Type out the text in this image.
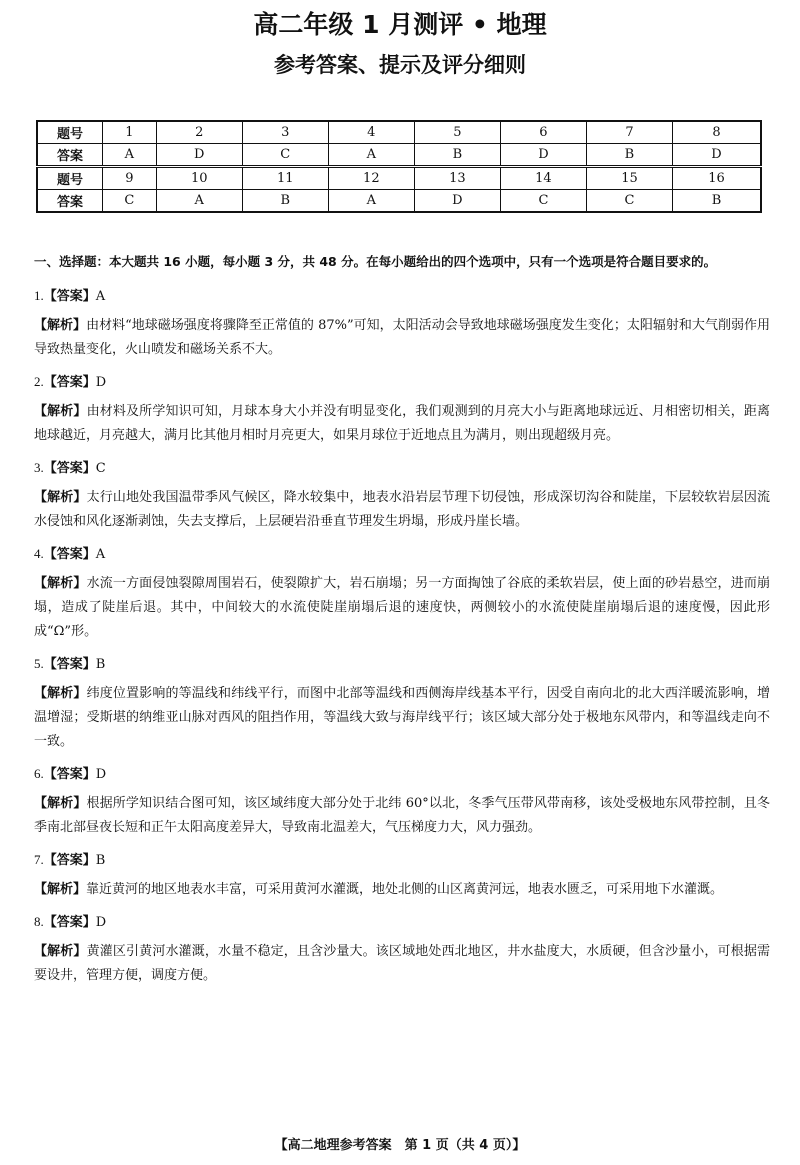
高二年级 1 月测评 • 地理
参考答案、提示及评分细则
题号	1	2	3	4	5	6	7	8
答案	A	D	C	A	B	D	B	D
题号	9	10	11	12	13	14	15	16
答案	C	A	B	A	D	C	C	B
一、选择题：本大题共 16 小题，每小题 3 分，共 48 分。在每小题给出的四个选项中，只有一个选项是符合题目要求的。

1.【答案】A

【解析】由材料“地球磁场强度将骤降至正常值的 87%”可知，太阳活动会导致地球磁场强度发生变化；太阳辐射和大气削弱作用导致热量变化，火山喷发和磁场关系不大。

2.【答案】D

【解析】由材料及所学知识可知，月球本身大小并没有明显变化，我们观测到的月亮大小与距离地球远近、月相密切相关，距离地球越近，月亮越大，满月比其他月相时月亮更大，如果月球位于近地点且为满月，则出现超级月亮。

3.【答案】C

【解析】太行山地处我国温带季风气候区，降水较集中，地表水沿岩层节理下切侵蚀，形成深切沟谷和陡崖，下层较软岩层因流水侵蚀和风化逐渐剥蚀，失去支撑后，上层硬岩沿垂直节理发生坍塌，形成丹崖长墙。

4.【答案】A

【解析】水流一方面侵蚀裂隙周围岩石，使裂隙扩大，岩石崩塌；另一方面掏蚀了谷底的柔软岩层，使上面的砂岩悬空，进而崩塌，造成了陡崖后退。其中，中间较大的水流使陡崖崩塌后退的速度快，两侧较小的水流使陡崖崩塌后退的速度慢，因此形成“Ω”形。

5.【答案】B

【解析】纬度位置影响的等温线和纬线平行，而图中北部等温线和西侧海岸线基本平行，因受自南向北的北大西洋暖流影响，增温增湿；受斯堪的纳维亚山脉对西风的阻挡作用，等温线大致与海岸线平行；该区域大部分处于极地东风带内，和等温线走向不一致。

6.【答案】D

【解析】根据所学知识结合图可知，该区域纬度大部分处于北纬 60°以北，冬季气压带风带南移，该处受极地东风带控制，且冬季南北部昼夜长短和正午太阳高度差异大，导致南北温差大，气压梯度力大，风力强劲。

7.【答案】B

【解析】靠近黄河的地区地表水丰富，可采用黄河水灌溉，地处北侧的山区离黄河远，地表水匮乏，可采用地下水灌溉。

8.【答案】D

【解析】黄灌区引黄河水灌溉，水量不稳定，且含沙量大。该区域地处西北地区，井水盐度大，水质硬，但含沙量小，可根据需要设井，管理方便，调度方便。

【高二地理参考答案　第 1 页（共 4 页）】
